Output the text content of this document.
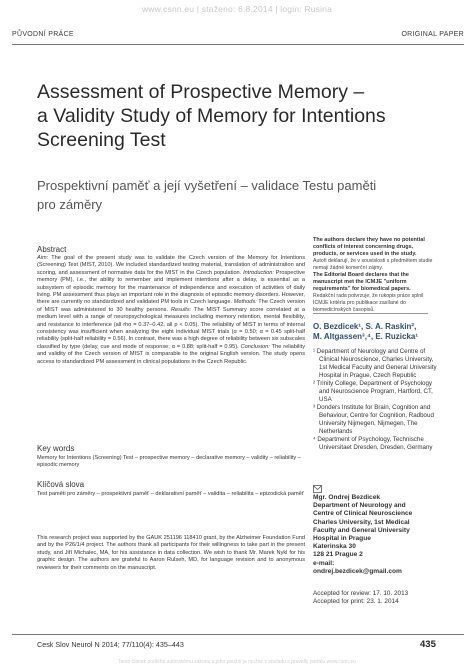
www.csnn.eu | staženo: 6.8.2014 | login: Rusina
PŮVODNÍ PRÁCE	ORIGINAL PAPER
Assessment of Prospective Memory –
a Validity Study of Memory for Intentions
Screening Test
Prospektivní paměť a její vyšetření – validace Testu paměti
pro záměry
Abstract

Aim: The goal of the present study was to validate the Czech version of the Memory for Intentions (Screening) Test (MIST, 2010). We included standardized testing material, translation of administration and scoring, and assessment of normative data for the MIST in the Czech population. Introduction: Prospective memory (PM), i.e., the ability to remember and implement intentions after a delay, is essential as a subsystem of episodic memory for the maintenance of independence and execution of activities of daily living. PM assessment thus plays an important role in the diagnosis of episodic memory disorders. However, there are currently no standardized and validated PM tools in Czech language. Methods: The Czech version of MIST was administered to 30 healthy persons. Results: The MIST Summary score correlated at a medium level with a range of neuropsychological measures including memory retention, mental flexibility, and resistance to interference (all rho = 0.37–0.42, all p < 0.05). The reliability of MIST in terms of internal consistency was insufficient when analyzing the eight individual MIST trials (α = 0.50; α = 0.45 split-half reliability (split-half reliability = 0.56). In contrast, there was a high degree of reliability between six subscales classified by type (delay, cue and mode of response; α = 0.88; split-half = 0.95). Conclusion: The reliability and validity of the Czech version of MIST is comparable to the original English version. The study opens access to standardized PM assessment in clinical populations in the Czech Republic.

Key words

Memory for Intentions (Screening) Test – prospective memory – declarative memory – validity – reliability – episodic memory

Klíčová slova

Test paměti pro záměry – prospektivní paměť – deklarativní paměť – validita – reliabilita – epizodická paměť

This research project was supported by the GAUK 251196 118410 grant, by the Alzheimer Foundation Fund and by the P26/1/4 project. The authors thank all participants for their willingness to take part in the present study, and Jiří Michalec, MA, for his assistance in data collection. We wish to thank Mr. Marek Nykl for his graphic design. The authors are grateful to Aaron Rulseh, MD, for language revision and to anonymous reviewers for their comments on the manuscript.

The authors declare they have no potential conflicts of interest concerning drugs, products, or services used in the study.

Autoři deklarují, že v souvislosti s předmětem studie nemají žádné komerční zájmy.

The Editorial Board declares that the manuscript met the ICMJE "uniform requirements" for biomedical papers.

Redakční rada potvrzuje, že rukopis práce splnil ICMJE kritéria pro publikace zasílané do biomedicínských časopisů.

O. Bezdicek¹, S. A. Raskin²,
M. Altgassen³,⁴, E. Ruzicka¹
¹ Department of Neurology and Centre of Clinical Neuroscience, Charles University, 1st Medical Faculty and General University Hospital in Prague, Czech Republic
² Trinity College, Department of Psychology and Neuroscience Program, Hartford, CT, USA
³ Donders Institute for Brain, Cognition and Behaviour, Centre for Cognition, Radboud University Nijmegen, Nijmegen, The Netherlands
⁴ Department of Psychology, Technische Universitaet Dresden, Dresden, Germany
Mgr. Ondrej Bezdicek
Department of Neurology and
Centre of Clinical Neuroscience
Charles University, 1st Medical
Faculty and General University
Hospital in Prague
Katerinska 30
128 21 Prague 2
e-mail:
ondrej.bezdicek@gmail.com
Accepted for review: 17. 10. 2013
Accepted for print: 23. 1. 2014
Cesk Slov Neurol N 2014; 77/110(4): 435–443	435
Tento článek podléhá autorskému zákonu a jeho použití je možné v souladu s pravidly portálu www.csnn.eu
